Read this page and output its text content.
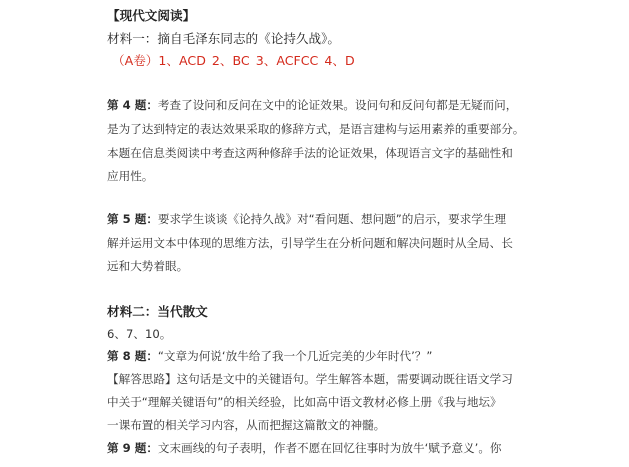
【现代文阅读】
材料一：摘自毛泽东同志的《论持久战》。
（A卷）1、ACD 2、BC 3、ACFCC 4、D
第 4 题：考查了设问和反问在文中的论证效果。设问句和反问句都是无疑而问，
是为了达到特定的表达效果采取的修辞方式，是语言建构与运用素养的重要部分。
本题在信息类阅读中考查这两种修辞手法的论证效果，体现语言文字的基础性和
应用性。
第 5 题：要求学生谈谈《论持久战》对“看问题、想问题”的启示，要求学生理
解并运用文本中体现的思维方法，引导学生在分析问题和解决问题时从全局、长
远和大势着眼。
材料二：当代散文
6、7、10。
第 8 题：“文章为何说‘放牛给了我一个几近完美的少年时代’？”
【解答思路】这句话是文中的关键语句。学生解答本题，需要调动既往语文学习
中关于“理解关键语句”的相关经验，比如高中语文教材必修上册《我与地坛》
一课布置的相关学习内容，从而把握这篇散文的神髓。
第 9 题：文末画线的句子表明，作者不愿在回忆往事时为放牛‘赋予意义’。你
